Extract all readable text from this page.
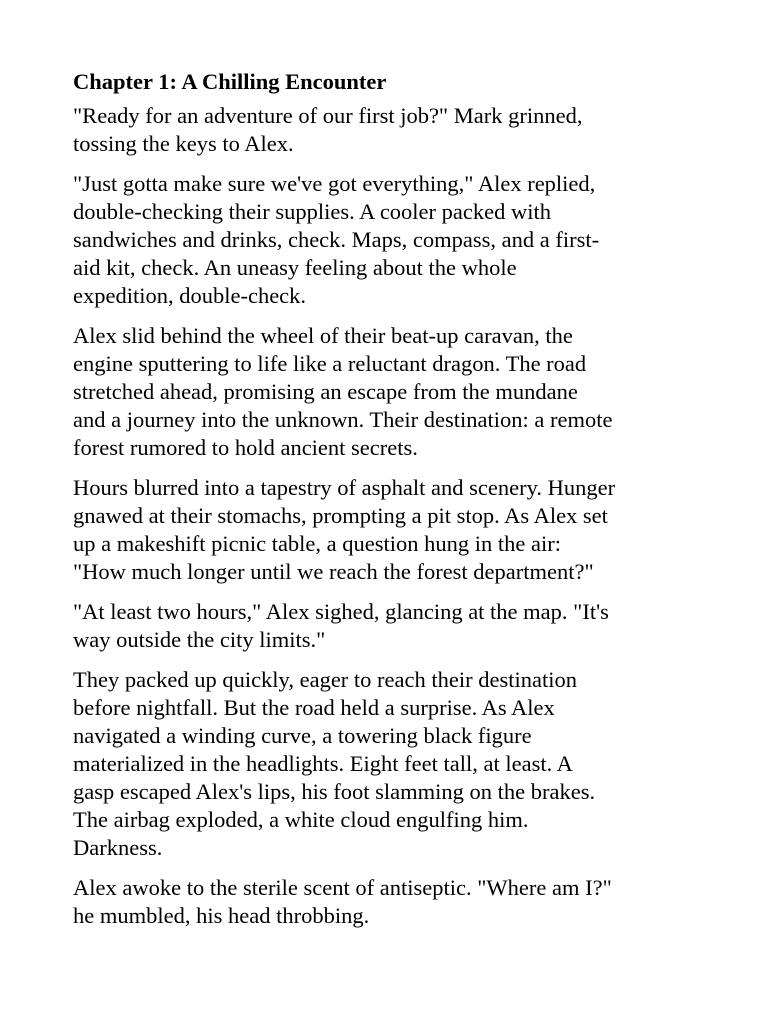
Chapter 1: A Chilling Encounter
"Ready for an adventure of our first job?" Mark grinned,
tossing the keys to Alex.
"Just gotta make sure we've got everything," Alex replied,
double-checking their supplies. A cooler packed with
sandwiches and drinks, check. Maps, compass, and a first-
aid kit, check. An uneasy feeling about the whole
expedition, double-check.
Alex slid behind the wheel of their beat-up caravan, the
engine sputtering to life like a reluctant dragon. The road
stretched ahead, promising an escape from the mundane
and a journey into the unknown. Their destination: a remote
forest rumored to hold ancient secrets.
Hours blurred into a tapestry of asphalt and scenery. Hunger
gnawed at their stomachs, prompting a pit stop. As Alex set
up a makeshift picnic table, a question hung in the air:
"How much longer until we reach the forest department?"
"At least two hours," Alex sighed, glancing at the map. "It's
way outside the city limits."
They packed up quickly, eager to reach their destination
before nightfall. But the road held a surprise. As Alex
navigated a winding curve, a towering black figure
materialized in the headlights. Eight feet tall, at least. A
gasp escaped Alex's lips, his foot slamming on the brakes.
The airbag exploded, a white cloud engulfing him.
Darkness.
Alex awoke to the sterile scent of antiseptic. "Where am I?"
he mumbled, his head throbbing.
